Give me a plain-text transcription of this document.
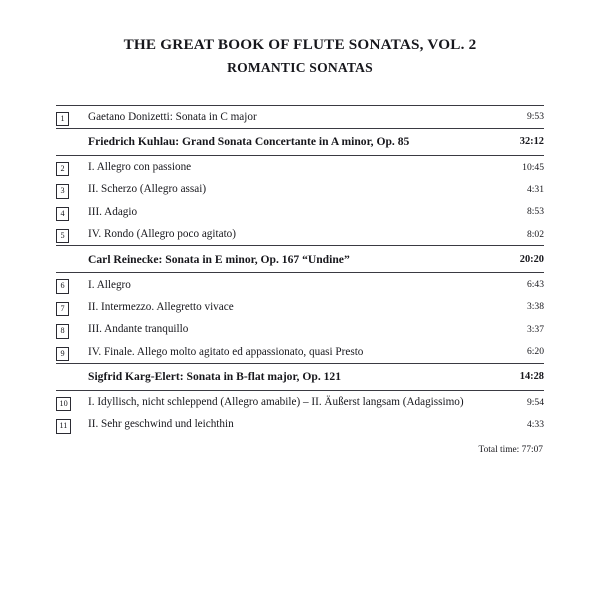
THE GREAT BOOK OF FLUTE SONATAS, VOL. 2
ROMANTIC SONATAS
1	Gaetano Donizetti: Sonata in C major	9:53
	Friedrich Kuhlau: Grand Sonata Concertante in A minor, Op. 85	32:12
2	I. Allegro con passione	10:45
3	II. Scherzo (Allegro assai)	4:31
4	III. Adagio	8:53
5	IV. Rondo (Allegro poco agitato)	8:02
	Carl Reinecke: Sonata in E minor, Op. 167 “Undine”	20:20
6	I. Allegro	6:43
7	II. Intermezzo. Allegretto vivace	3:38
8	III. Andante tranquillo	3:37
9	IV. Finale. Allego molto agitato ed appassionato, quasi Presto	6:20
	Sigfrid Karg-Elert: Sonata in B-flat major, Op. 121	14:28
10	I. Idyllisch, nicht schleppend (Allegro amabile) – II. Äußerst langsam (Adagissimo)	9:54
11	II. Sehr geschwind und leichthin	4:33
Total time: 77:07
